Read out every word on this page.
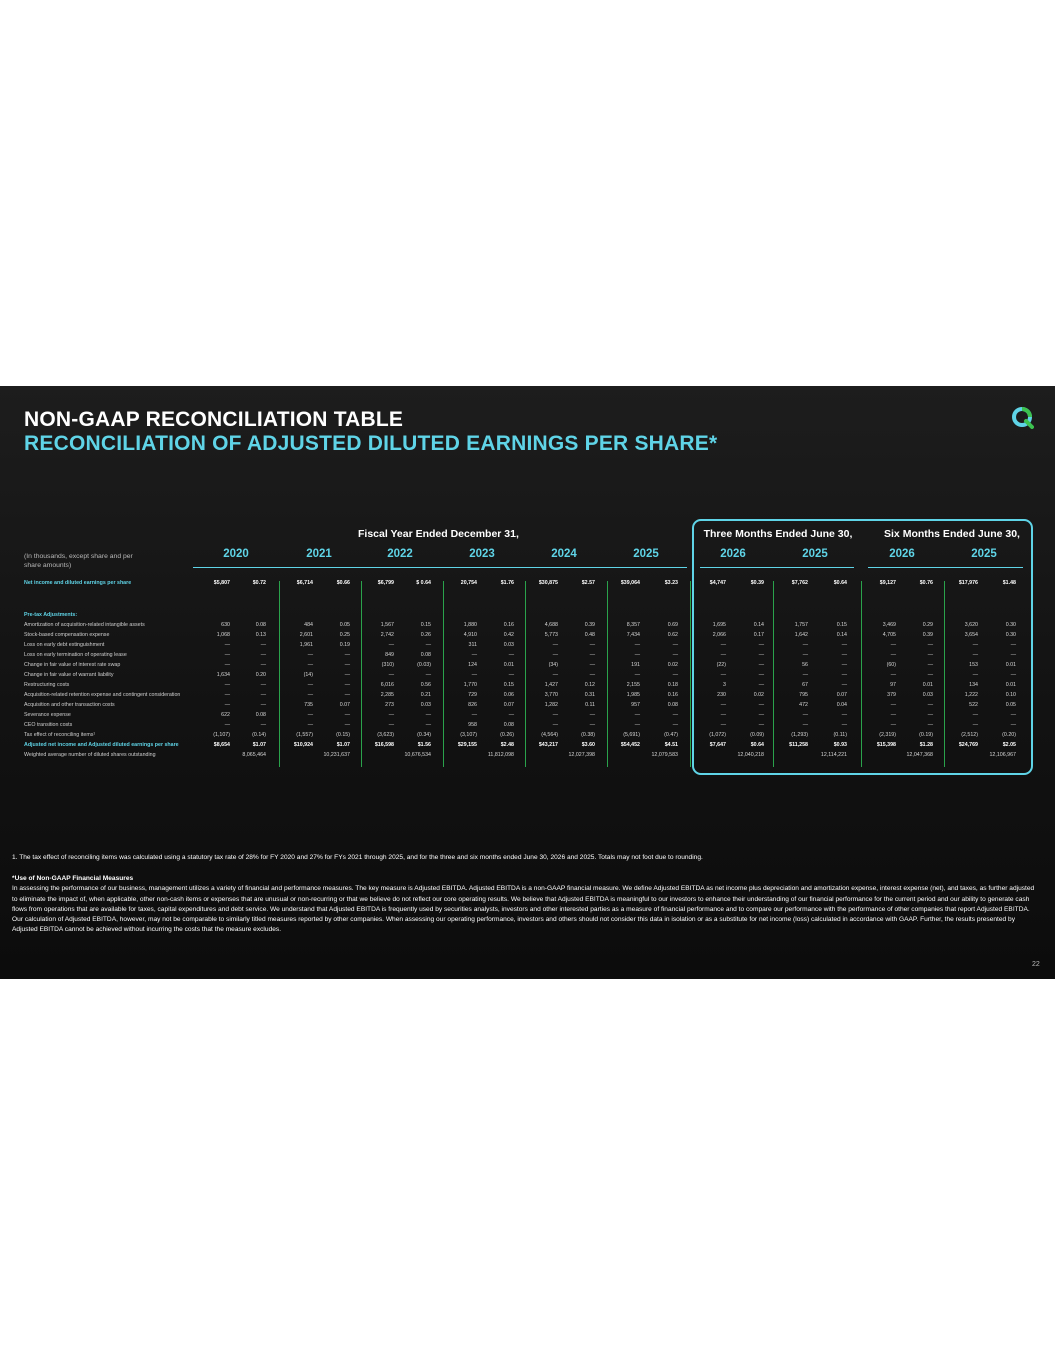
NON-GAAP RECONCILIATION TABLE
RECONCILIATION OF ADJUSTED DILUTED EARNINGS PER SHARE*
Fiscal Year Ended December 31,	Three Months Ended June 30,	Six Months Ended June 30,
(In thousands, except share and per share amounts)
2020	2021	2022	2023	2024	2025	2026	2025	2026	2025
Net income and diluted earnings per share	$5,807	$0.72	$6,714	$0.66	$6,799	$ 0.64	20,754	$1.76	$30,875	$2.57	$39,064	$3.23	$4,747	$0.39	$7,762	$0.64	$9,127	$0.76	$17,976	$1.48
Pre-tax Adjustments:
Amortization of acquisition-related intangible assets	630	0.08	484	0.05	1,567	0.15	1,880	0.16	4,688	0.39	8,357	0.69	1,695	0.14	1,757	0.15	3,469	0.29	3,620	0.30
Stock-based compensation expense	1,068	0.13	2,601	0.25	2,742	0.26	4,910	0.42	5,773	0.48	7,434	0.62	2,066	0.17	1,642	0.14	4,705	0.39	3,654	0.30
Loss on early debt extinguishment	—	—	1,961	0.19	—	—	311	0.03	—	—	—	—	—	—	—	—	—	—	—	—
Loss on early termination of operating lease	—	—	—	—	849	0.08	—	—	—	—	—	—	—	—	—	—	—	—	—	—
Change in fair value of interest rate swap	—	—	—	—	(310)	(0.03)	124	0.01	(34)	—	191	0.02	(22)	—	56	—	(60)	—	153	0.01
Change in fair value of warrant liability	1,634	0.20	(14)	—	—	—	—	—	—	—	—	—	—	—	—	—	—	—	—	—
Restructuring costs	—	—	—	—	6,016	0.56	1,770	0.15	1,427	0.12	2,155	0.18	3	—	67	—	97	0.01	134	0.01
Acquisition-related retention expense and contingent consideration	—	—	—	—	2,285	0.21	729	0.06	3,770	0.31	1,985	0.16	230	0.02	795	0.07	379	0.03	1,222	0.10
Acquisition and other transaction costs	—	—	735	0.07	273	0.03	826	0.07	1,282	0.11	957	0.08	—	—	472	0.04	—	—	522	0.05
Severance expense	622	0.08	—	—	—	—	—	—	—	—	—	—	—	—	—	—	—	—	—	—
CEO transition costs	—	—	—	—	—	—	958	0.08	—	—	—	—	—	—	—	—	—	—	—	—
Tax effect of reconciling items¹	(1,107)	(0.14)	(1,557)	(0.15)	(3,623)	(0.34)	(3,107)	(0.26)	(4,564)	(0.38)	(5,691)	(0.47)	(1,072)	(0.09)	(1,293)	(0.11)	(2,319)	(0.19)	(2,512)	(0.20)
Adjusted net income and Adjusted diluted earnings per share	$8,654	$1.07	$10,924	$1.07	$16,598	$1.56	$29,155	$2.48	$43,217	$3.60	$54,452	$4.51	$7,647	$0.64	$11,258	$0.93	$15,398	$1.28	$24,769	$2.05
Weighted average number of diluted shares outstanding	8,065,464	10,231,637	10,676,534	11,812,098	12,027,398	12,079,583	12,040,218	12,114,221	12,047,368	12,106,967

1. The tax effect of reconciling items was calculated using a statutory tax rate of 28% for FY 2020 and 27% for FYs 2021 through 2025, and for the three and six months ended June 30, 2026 and 2025. Totals may not foot due to rounding.

*Use of Non-GAAP Financial Measures

In assessing the performance of our business, management utilizes a variety of financial and performance measures. The key measure is Adjusted EBITDA. Adjusted EBITDA is a non-GAAP financial measure. We define Adjusted EBITDA as net income plus depreciation and amortization expense, interest expense (net), and taxes, as further adjusted to eliminate the impact of, when applicable, other non-cash items or expenses that are unusual or non-recurring or that we believe do not reflect our core operating results. We believe that Adjusted EBITDA is meaningful to our investors to enhance their understanding of our financial performance for the current period and our ability to generate cash flows from operations that are available for taxes, capital expenditures and debt service. We understand that Adjusted EBITDA is frequently used by securities analysts, investors and other interested parties as a measure of financial performance and to compare our performance with the performance of other companies that report Adjusted EBITDA. Our calculation of Adjusted EBITDA, however, may not be comparable to similarly titled measures reported by other companies. When assessing our operating performance, investors and others should not consider this data in isolation or as a substitute for net income (loss) calculated in accordance with GAAP. Further, the results presented by Adjusted EBITDA cannot be achieved without incurring the costs that the measure excludes.

22
